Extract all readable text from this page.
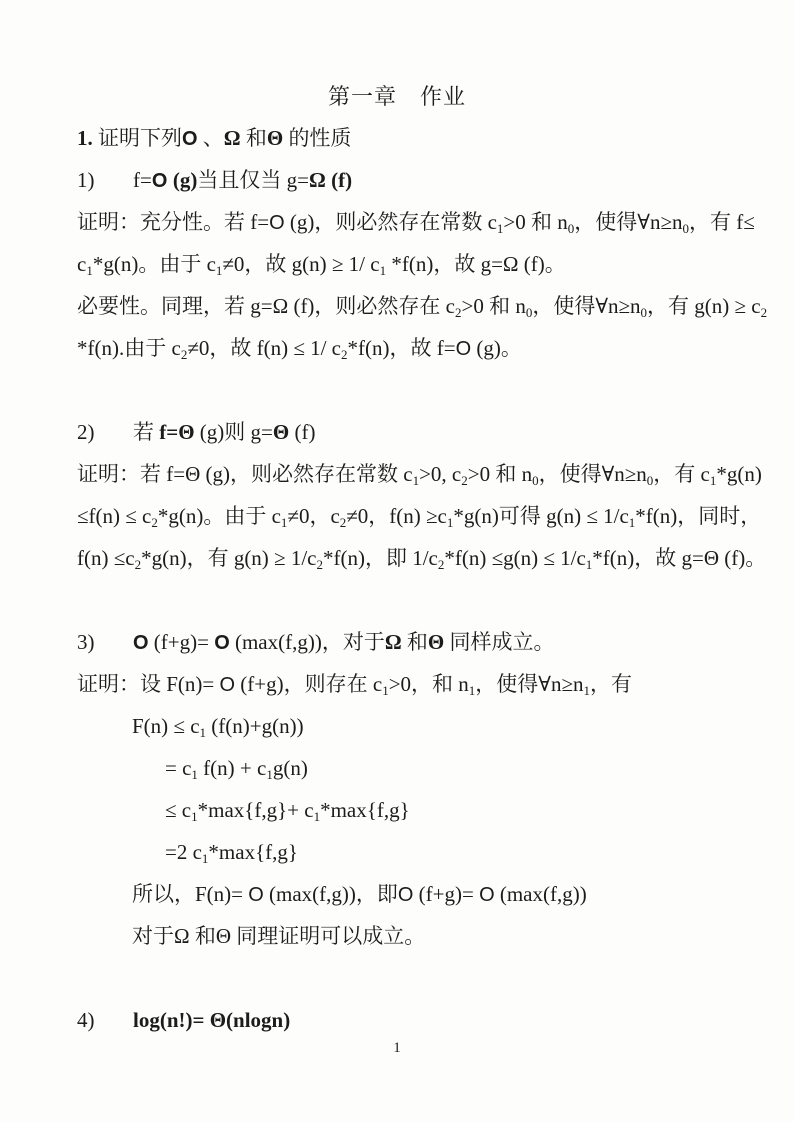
第一章　作业
1. 证明下列O 、Ω 和Θ 的性质
1) f=O (g)当且仅当 g=Ω (f)
证明：充分性。若 f=O (g)，则必然存在常数 $c_1>0$ 和 $n_0$，使得$\forall n\ge n_0$，有 f≤
$c_1*g(n)$。由于 $c_1\ne 0$，故 g(n) ≥ 1/ $c_1$ *f(n)，故 g=Ω (f)。
必要性。同理，若 g=Ω (f)，则必然存在 $c_2>0$ 和 $n_0$，使得$\forall n\ge n_0$，有 $g(n) \ge c_2$
*f(n).由于 $c_2\ne 0$，故 f(n) ≤ 1/ $c_2*f(n)$，故 f=O (g)。
2) 若 f=Θ (g)则 g=Θ (f)
证明：若 f=Θ (g)，则必然存在常数 $c_1>0$, $c_2>0$ 和 $n_0$，使得$\forall n\ge n_0$，有 $c_1*g(n)$
$\le f(n) \le c_2*g(n)$。由于 $c_1\ne 0$，$c_2\ne 0$，$f(n) \ge c_1*g(n)$可得 $g(n) \le 1/c_1*f(n)$，同时，
$f(n) \le c_2*g(n)$，有 $g(n) \ge 1/c_2*f(n)$，即 $1/c_2*f(n) \le g(n) \le 1/c_1*f(n)$，故 g=Θ (f)。
3) O (f+g)= O (max(f,g))，对于Ω 和Θ 同样成立。
证明：设 F(n)= O (f+g)，则存在 $c_1>0$，和 $n_1$，使得$\forall n\ge n_1$，有
$F(n) \le c_1$ (f(n)+g(n))
= $c_1$ $f(n) + c_1g(n)$
≤ $c_1*\max\{f,g\}+ c_1*\max\{f,g\}$
=2 $c_1*\max\{f,g\}$
所以，F(n)= O (max(f,g))，即O (f+g)= O (max(f,g))
对于Ω 和Θ 同理证明可以成立。
4) log(n!)= Θ(nlogn)
1
